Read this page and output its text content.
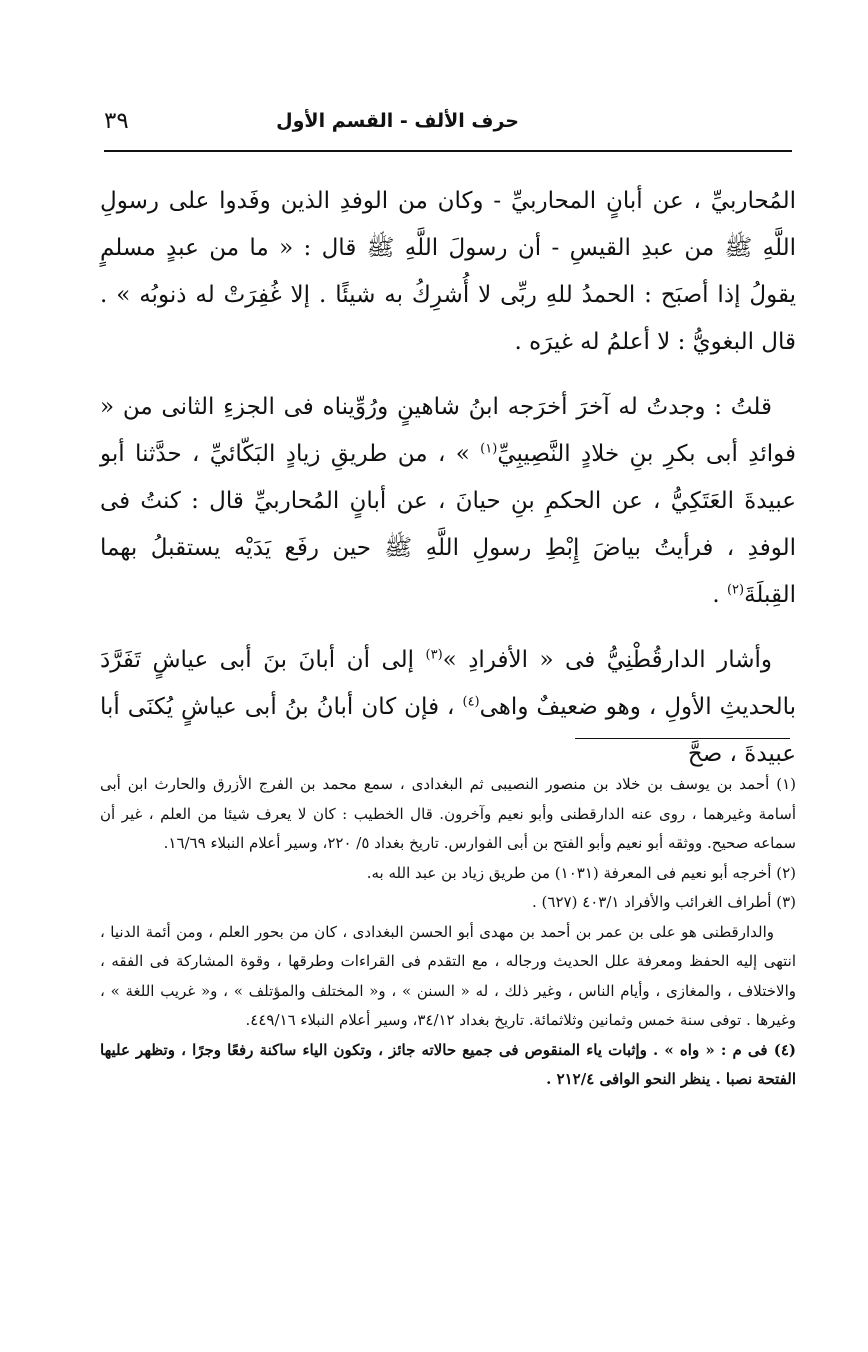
٣٩	حرف الألف - القسم الأول

المُحاربيِّ ، عن أبانٍ المحاربيِّ - وكان من الوفدِ الذين وفَدوا على رسولِ اللَّهِ ﷺ من عبدِ القيسِ - أن رسولَ اللَّهِ ﷺ قال : « ما من عبدٍ مسلمٍ يقولُ إذا أصبَح : الحمدُ للهِ ربِّى لا أُشرِكُ به شيئًا . إلا غُفِرَتْ له ذنوبُه » . قال البغويُّ : لا أعلمُ له غيرَه .

قلتُ : وجدتُ له آخرَ أخرَجه ابنُ شاهينٍ ورُوِّيناه فى الجزءِ الثانى من « فوائدِ أبى بكرِ بنِ خلادٍ النَّصِيبِيِّ$^{(١)}$ » ، من طريقِ زيادٍ البَكّائيِّ ، حدَّثنا أبو عبيدةَ العَتَكِيُّ ، عن الحكمِ بنِ حيانَ ، عن أبانٍ المُحاربيِّ قال : كنتُ فى الوفدِ ، فرأيتُ بياضَ إِبْطِ رسولِ اللَّهِ ﷺ حين رفَع يَدَيْه يستقبلُ بهما القِبلَةَ$^{(٢)}$ .

وأشار الدارقُطْنِيُّ فى « الأفرادِ »$^{(٣)}$ إلى أن أبانَ بنَ أبى عياشٍ تَفَرَّدَ بالحديثِ الأولِ ، وهو ضعيفٌ واهى$^{(٤)}$ ، فإن كان أبانُ بنُ أبى عياشٍ يُكنَى أبا عبيدةَ ، صحَّ

(١) أحمد بن يوسف بن خلاد بن منصور النصيبى ثم البغدادى ، سمع محمد بن الفرج الأزرق والحارث ابن أبى أسامة وغيرهما ، روى عنه الدارقطنى وأبو نعيم وآخرون. قال الخطيب : كان لا يعرف شيئا من العلم ، غير أن سماعه صحيح. ووثقه أبو نعيم وأبو الفتح بن أبى الفوارس. تاريخ بغداد ٥/ ٢٢٠، وسير أعلام النبلاء ١٦/٦٩.

(٢) أخرجه أبو نعيم فى المعرفة (١٠٣١) من طريق زياد بن عبد الله به.

(٣) أطراف الغرائب والأفراد ٤٠٣/١ (٦٢٧) .

والدارقطنى هو على بن عمر بن أحمد بن مهدى أبو الحسن البغدادى ، كان من بحور العلم ، ومن أئمة الدنيا ، انتهى إليه الحفظ ومعرفة علل الحديث ورجاله ، مع التقدم فى القراءات وطرقها ، وقوة المشاركة فى الفقه ، والاختلاف ، والمغازى ، وأيام الناس ، وغير ذلك ، له « السنن » ، و« المختلف والمؤتلف » ، و« غريب اللغة » ، وغيرها . توفى سنة خمس وثمانين وثلاثمائة. تاريخ بغداد ٣٤/١٢، وسير أعلام النبلاء ٤٤٩/١٦.

(٤) فى م : « واه » . وإثبات ياء المنقوص فى جميع حالاته جائز ، وتكون الياء ساكنة رفعًا وجرًا ، وتظهر عليها الفتحة نصبا . ينظر النحو الوافى ٢١٢/٤ .
